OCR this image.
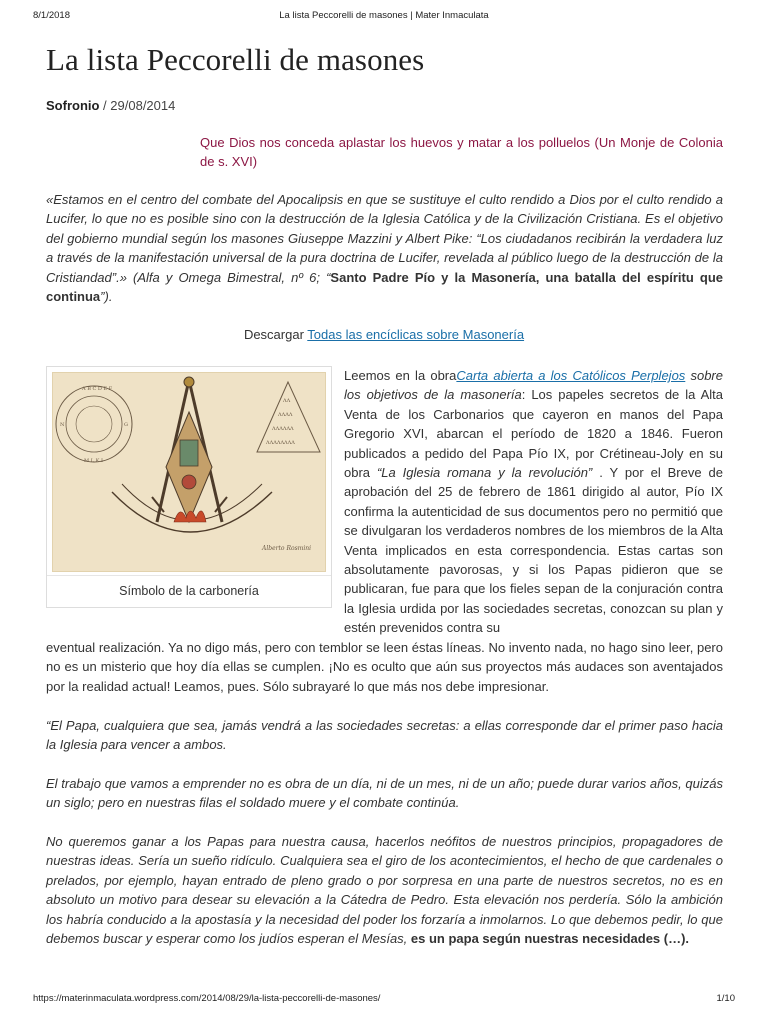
8/1/2018	La lista Peccorelli de masones | Mater Inmaculata
La lista Peccorelli de masones
Sofronio / 29/08/2014
Que Dios nos conceda aplastar los huevos y matar a los polluelos (Un Monje de Colonia de s. XVI)
«Estamos en el centro del combate del Apocalipsis en que se sustituye el culto rendido a Dios por el culto rendido a Lucifer, lo que no es posible sino con la destrucción de la Iglesia Católica y de la Civilización Cristiana. Es el objetivo del gobierno mundial según los masones Giuseppe Mazzini y Albert Pike: “Los ciudadanos recibirán la verdadera luz a través de la manifestación universal de la pura doctrina de Lucifer, revelada al público luego de la destrucción de la Cristiandad”.» (Alfa y Omega Bimestral, nº 6; “Santo Padre Pío y la Masonería, una batalla del espíritu que continua”).
Descargar Todas las encíclicas sobre Masonería
A B C D E F
N	G
M L K I
ΛΛ
ΛΛΛΛ
ΛΛΛΛΛΛ
ΛΛΛΛΛΛΛΛ
Alberto Rosmini
Símbolo de la carbonería
Leemos en la obraCarta abierta a los Católicos Perplejos sobre los objetivos de la masonería: Los papeles secretos de la Alta Venta de los Carbonarios que cayeron en manos del Papa Gregorio XVI, abarcan el período de 1820 a 1846. Fueron publicados a pedido del Papa Pío IX, por Crétineau-Joly en su obra “La Iglesia romana y la revolución” . Y por el Breve de aprobación del 25 de febrero de 1861 dirigido al autor, Pío IX confirma la autenticidad de sus documentos pero no permitió que se divulgaran los verdaderos nombres de los miembros de la Alta Venta implicados en esta correspondencia. Estas cartas son absolutamente pavorosas, y si los Papas pidieron que se publicaran, fue para que los fieles sepan de la conjuración contra la Iglesia urdida por las sociedades secretas, conozcan su plan y estén prevenidos contra su
eventual realización. Ya no digo más, pero con temblor se leen éstas líneas. No invento nada, no hago sino leer, pero no es un misterio que hoy día ellas se cumplen. ¡No es oculto que aún sus proyectos más audaces son aventajados por la realidad actual! Leamos, pues. Sólo subrayaré lo que más nos debe impresionar.
“El Papa, cualquiera que sea, jamás vendrá a las sociedades secretas: a ellas corresponde dar el primer paso hacia la Iglesia para vencer a ambos.
El trabajo que vamos a emprender no es obra de un día, ni de un mes, ni de un año; puede durar varios años, quizás un siglo; pero en nuestras filas el soldado muere y el combate continúa.
No queremos ganar a los Papas para nuestra causa, hacerlos neófitos de nuestros principios, propagadores de nuestras ideas. Sería un sueño ridículo. Cualquiera sea el giro de los acontecimientos, el hecho de que cardenales o prelados, por ejemplo, hayan entrado de pleno grado o por sorpresa en una parte de nuestros secretos, no es en absoluto un motivo para desear su elevación a la Cátedra de Pedro. Esta elevación nos perdería. Sólo la ambición los habría conducido a la apostasía y la necesidad del poder los forzaría a inmolarnos. Lo que debemos pedir, lo que debemos buscar y esperar como los judíos esperan el Mesías, es un papa según nuestras necesidades (…).
https://materinmaculata.wordpress.com/2014/08/29/la-lista-peccorelli-de-masones/	1/10
